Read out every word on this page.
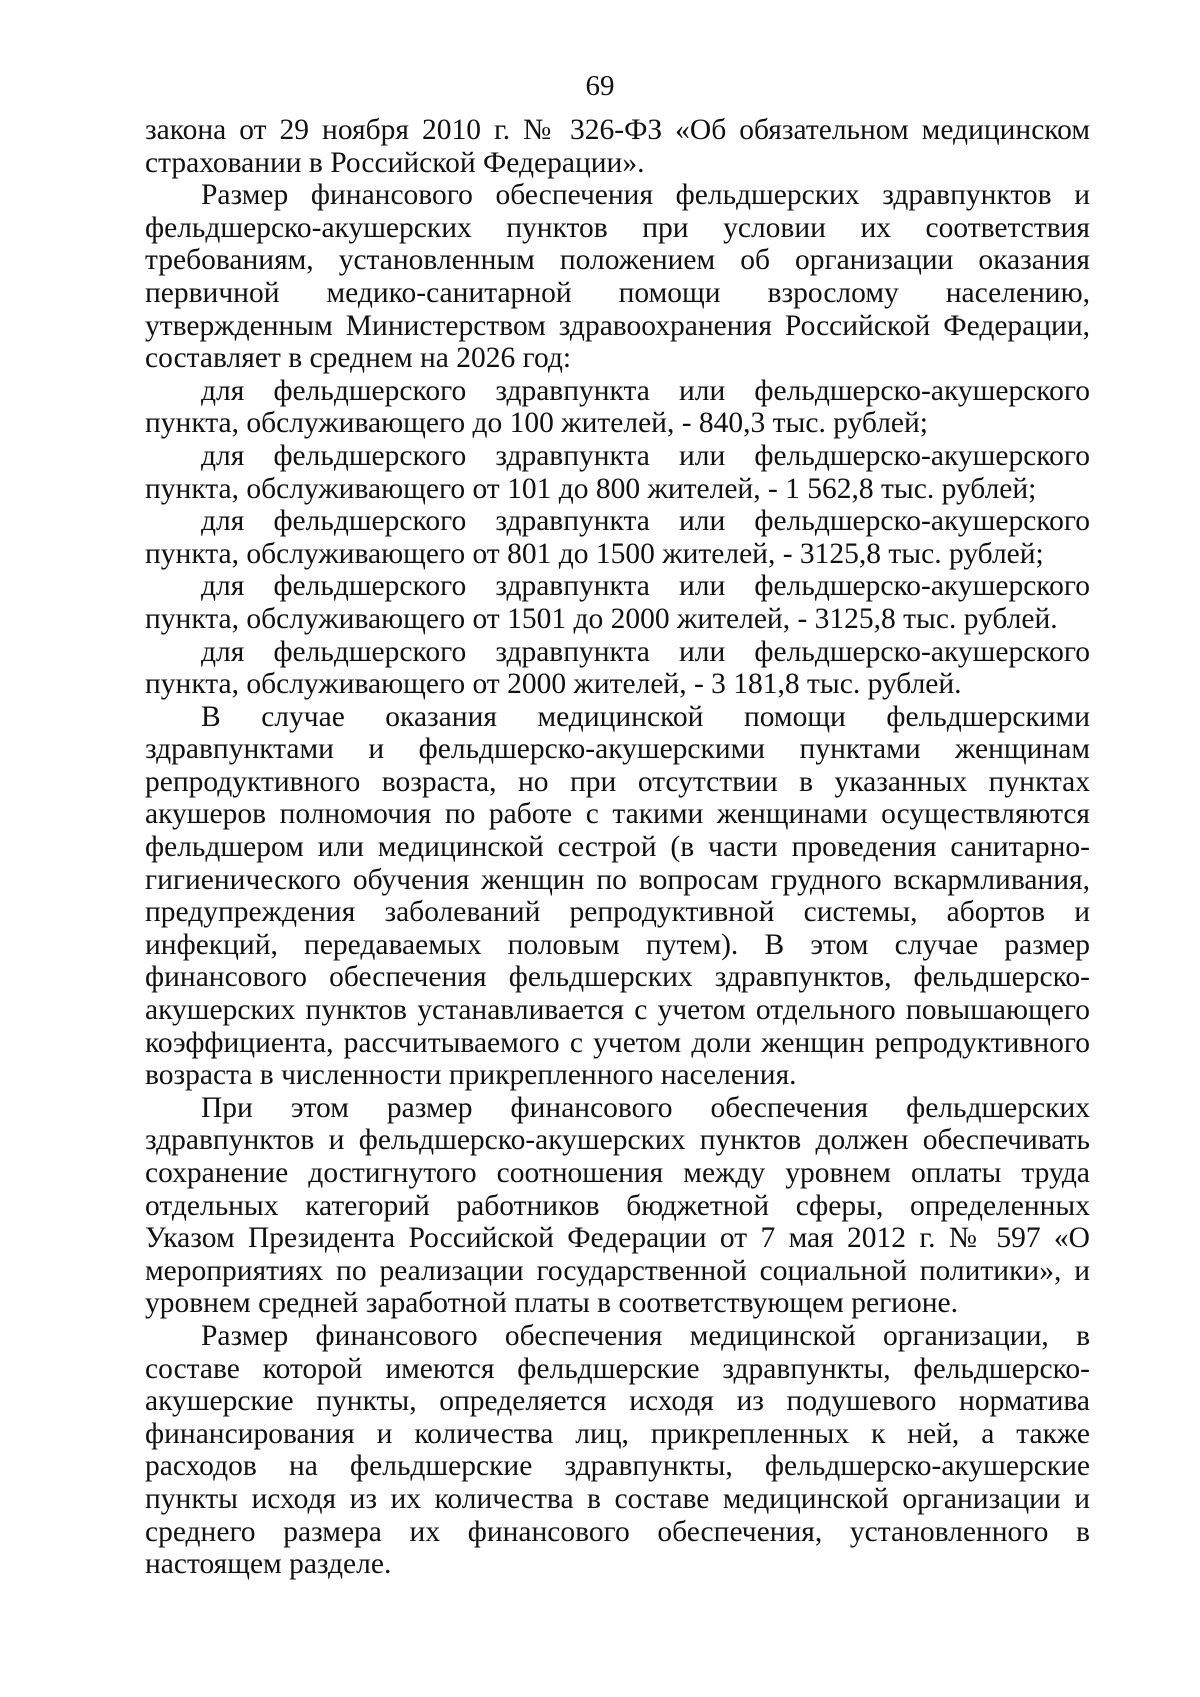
69

закона от 29 ноября 2010 г. № 326-ФЗ «Об обязательном медицинском страховании в Российской Федерации».

Размер финансового обеспечения фельдшерских здравпунктов и фельдшерско-акушерских пунктов при условии их соответствия требованиям, установленным положением об организации оказания первичной медико-санитарной помощи взрослому населению, утвержденным Министерством здравоохранения Российской Федерации, составляет в среднем на 2026 год:

для фельдшерского здравпункта или фельдшерско-акушерского пункта, обслуживающего до 100 жителей, - 840,3 тыс. рублей;

для фельдшерского здравпункта или фельдшерско-акушерского пункта, обслуживающего от 101 до 800 жителей, - 1 562,8 тыс. рублей;

для фельдшерского здравпункта или фельдшерско-акушерского пункта, обслуживающего от 801 до 1500 жителей, - 3125,8 тыс. рублей;

для фельдшерского здравпункта или фельдшерско-акушерского пункта, обслуживающего от 1501 до 2000 жителей, - 3125,8 тыс. рублей.

для фельдшерского здравпункта или фельдшерско-акушерского пункта, обслуживающего от 2000 жителей, - 3 181,8 тыс. рублей.

В случае оказания медицинской помощи фельдшерскими здравпунктами и фельдшерско-акушерскими пунктами женщинам репродуктивного возраста, но при отсутствии в указанных пунктах акушеров полномочия по работе с такими женщинами осуществляются фельдшером или медицинской сестрой (в части проведения санитарно-гигиенического обучения женщин по вопросам грудного вскармливания, предупреждения заболеваний репродуктивной системы, абортов и инфекций, передаваемых половым путем). В этом случае размер финансового обеспечения фельдшерских здравпунктов, фельдшерско-акушерских пунктов устанавливается с учетом отдельного повышающего коэффициента, рассчитываемого с учетом доли женщин репродуктивного возраста в численности прикрепленного населения.

При этом размер финансового обеспечения фельдшерских здравпунктов и фельдшерско-акушерских пунктов должен обеспечивать сохранение достигнутого соотношения между уровнем оплаты труда отдельных категорий работников бюджетной сферы, определенных Указом Президента Российской Федерации от 7 мая 2012 г. № 597 «О мероприятиях по реализации государственной социальной политики», и уровнем средней заработной платы в соответствующем регионе.

Размер финансового обеспечения медицинской организации, в составе которой имеются фельдшерские здравпункты, фельдшерско-акушерские пункты, определяется исходя из подушевого норматива финансирования и количества лиц, прикрепленных к ней, а также расходов на фельдшерские здравпункты, фельдшерско-акушерские пункты исходя из их количества в составе медицинской организации и среднего размера их финансового обеспечения, установленного в настоящем разделе.
